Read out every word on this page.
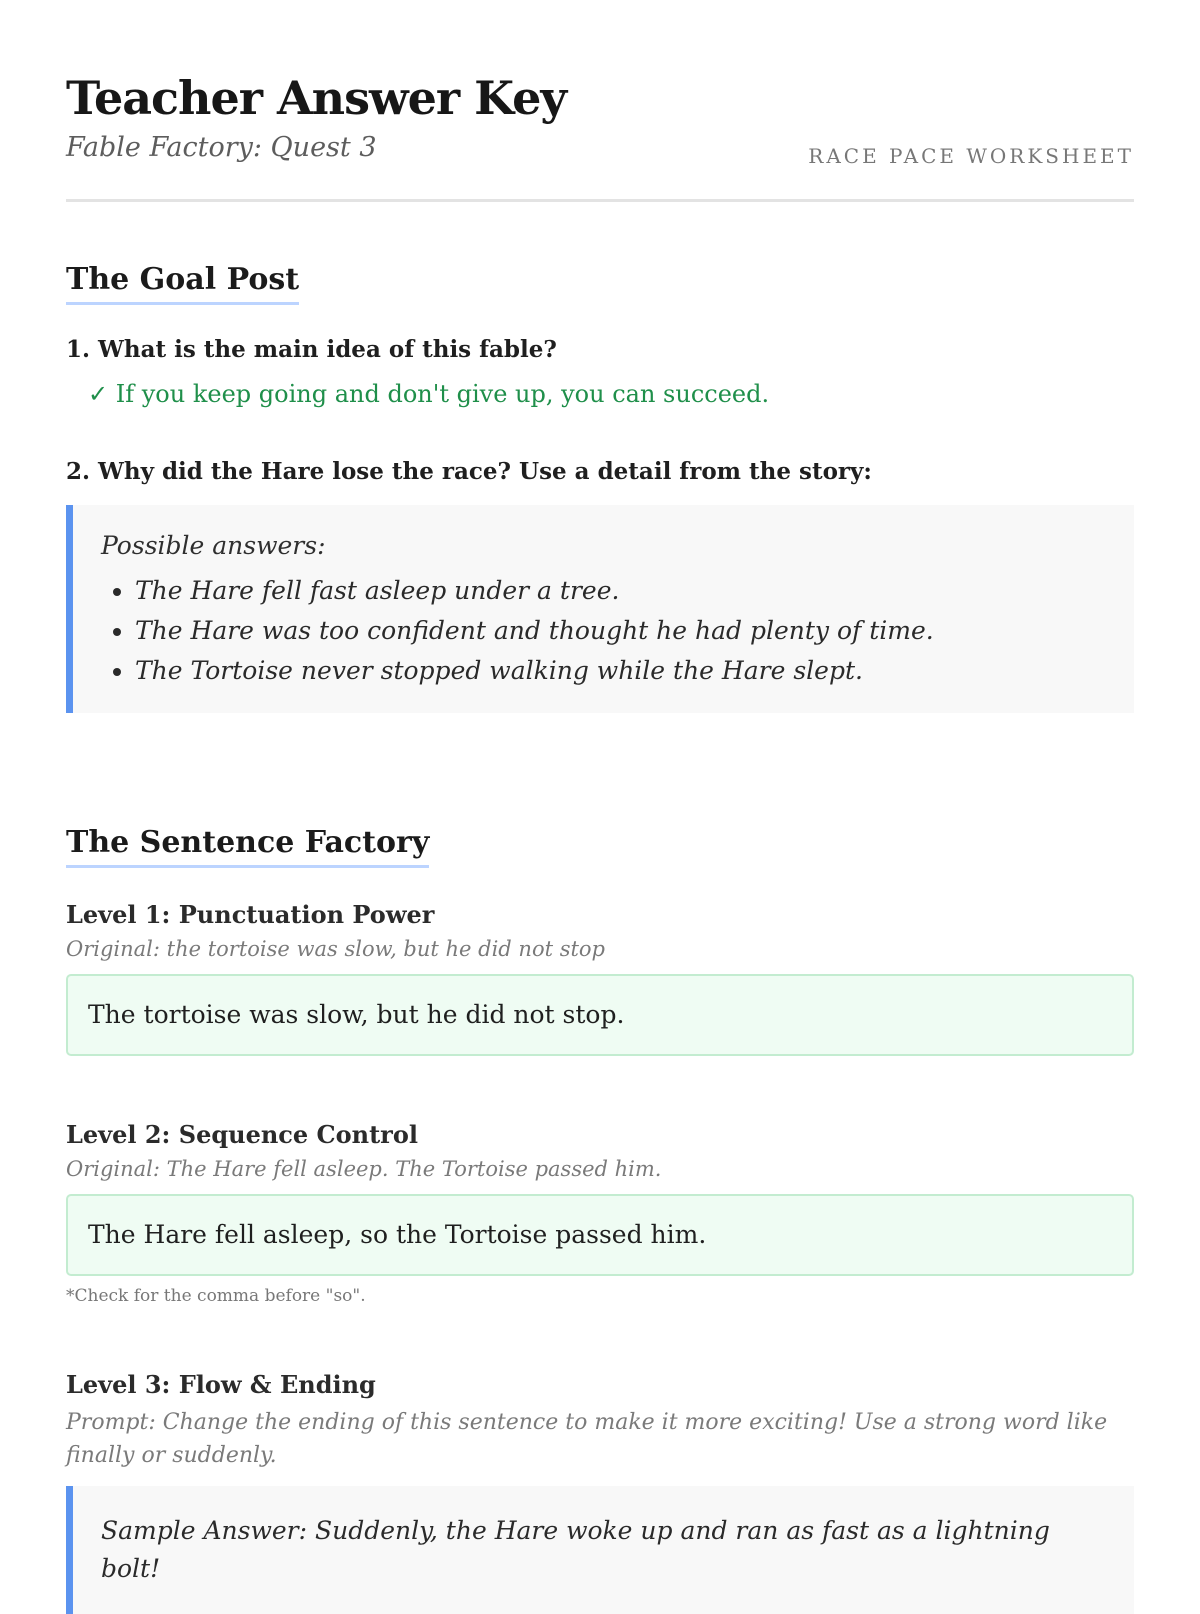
Teacher Answer Key
Fable Factory: Quest 3	RACE PACE WORKSHEET
The Goal Post
1. What is the main idea of this fable?
✓ If you keep going and don't give up, you can succeed.
2. Why did the Hare lose the race? Use a detail from the story:
Possible answers:
• The Hare fell fast asleep under a tree.
• The Hare was too confident and thought he had plenty of time.
• The Tortoise never stopped walking while the Hare slept.
The Sentence Factory
Level 1: Punctuation Power
Original: the tortoise was slow, but he did not stop
The tortoise was slow, but he did not stop.
Level 2: Sequence Control
Original: The Hare fell asleep. The Tortoise passed him.
The Hare fell asleep, so the Tortoise passed him.
*Check for the comma before "so".
Level 3: Flow & Ending
Prompt: Change the ending of this sentence to make it more exciting! Use a strong word like finally or suddenly.
Sample Answer: Suddenly, the Hare woke up and ran as fast as a lightning bolt!
